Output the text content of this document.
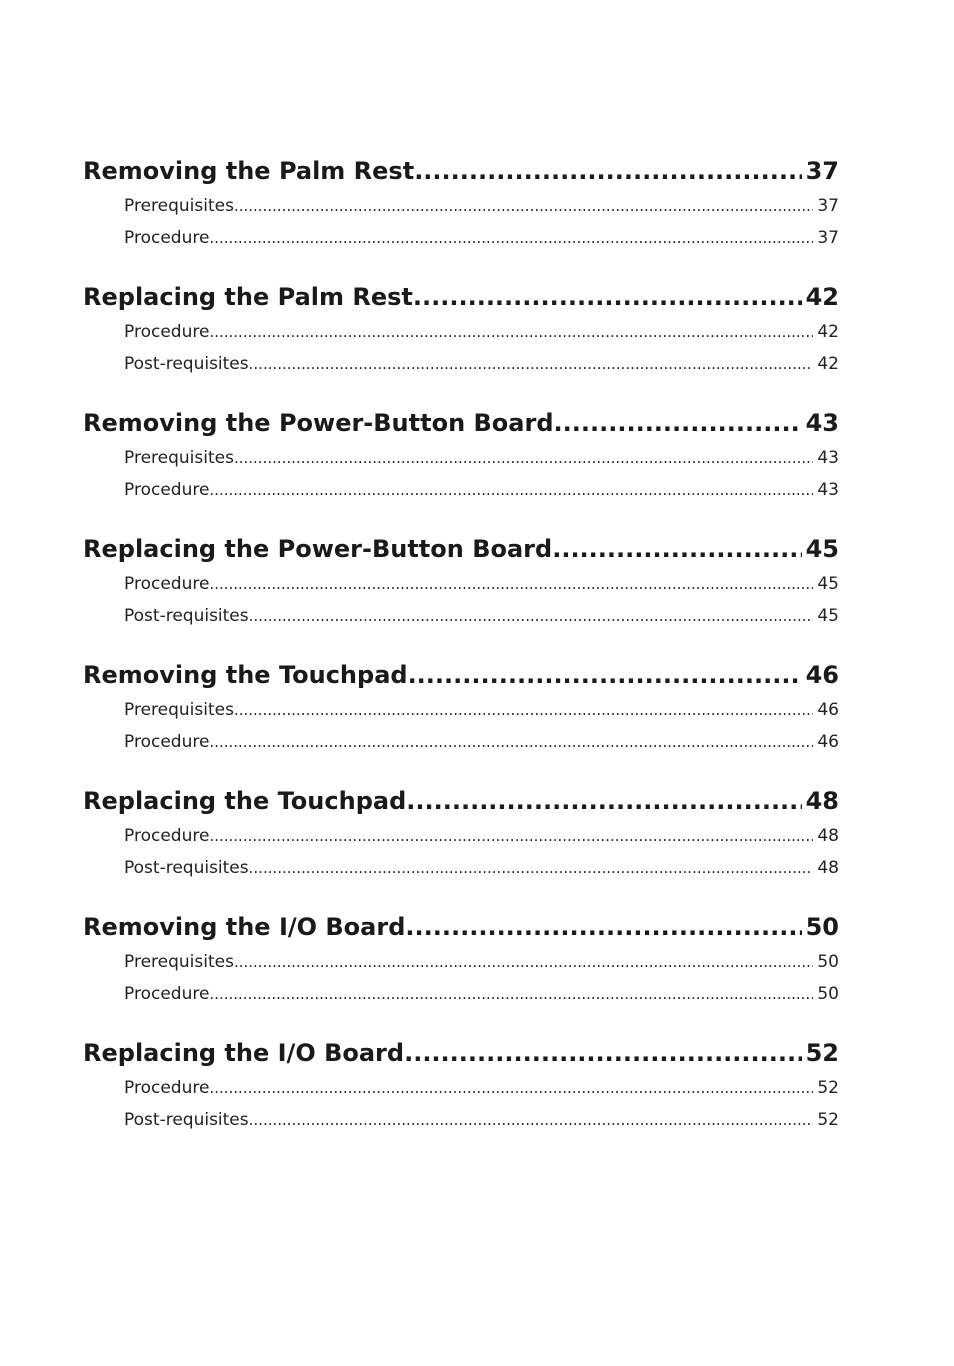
Removing the Palm Rest .....	37
Prerequisites .....	37
Procedure .....	37
Replacing the Palm Rest .....	42
Procedure .....	42
Post-requisites .....	42
Removing the Power-Button Board .....	43
Prerequisites .....	43
Procedure .....	43
Replacing the Power-Button Board .....	45
Procedure .....	45
Post-requisites .....	45
Removing the Touchpad .....	46
Prerequisites .....	46
Procedure .....	46
Replacing the Touchpad .....	48
Procedure .....	48
Post-requisites .....	48
Removing the I/O Board .....	50
Prerequisites .....	50
Procedure .....	50
Replacing the I/O Board .....	52
Procedure .....	52
Post-requisites .....	52
